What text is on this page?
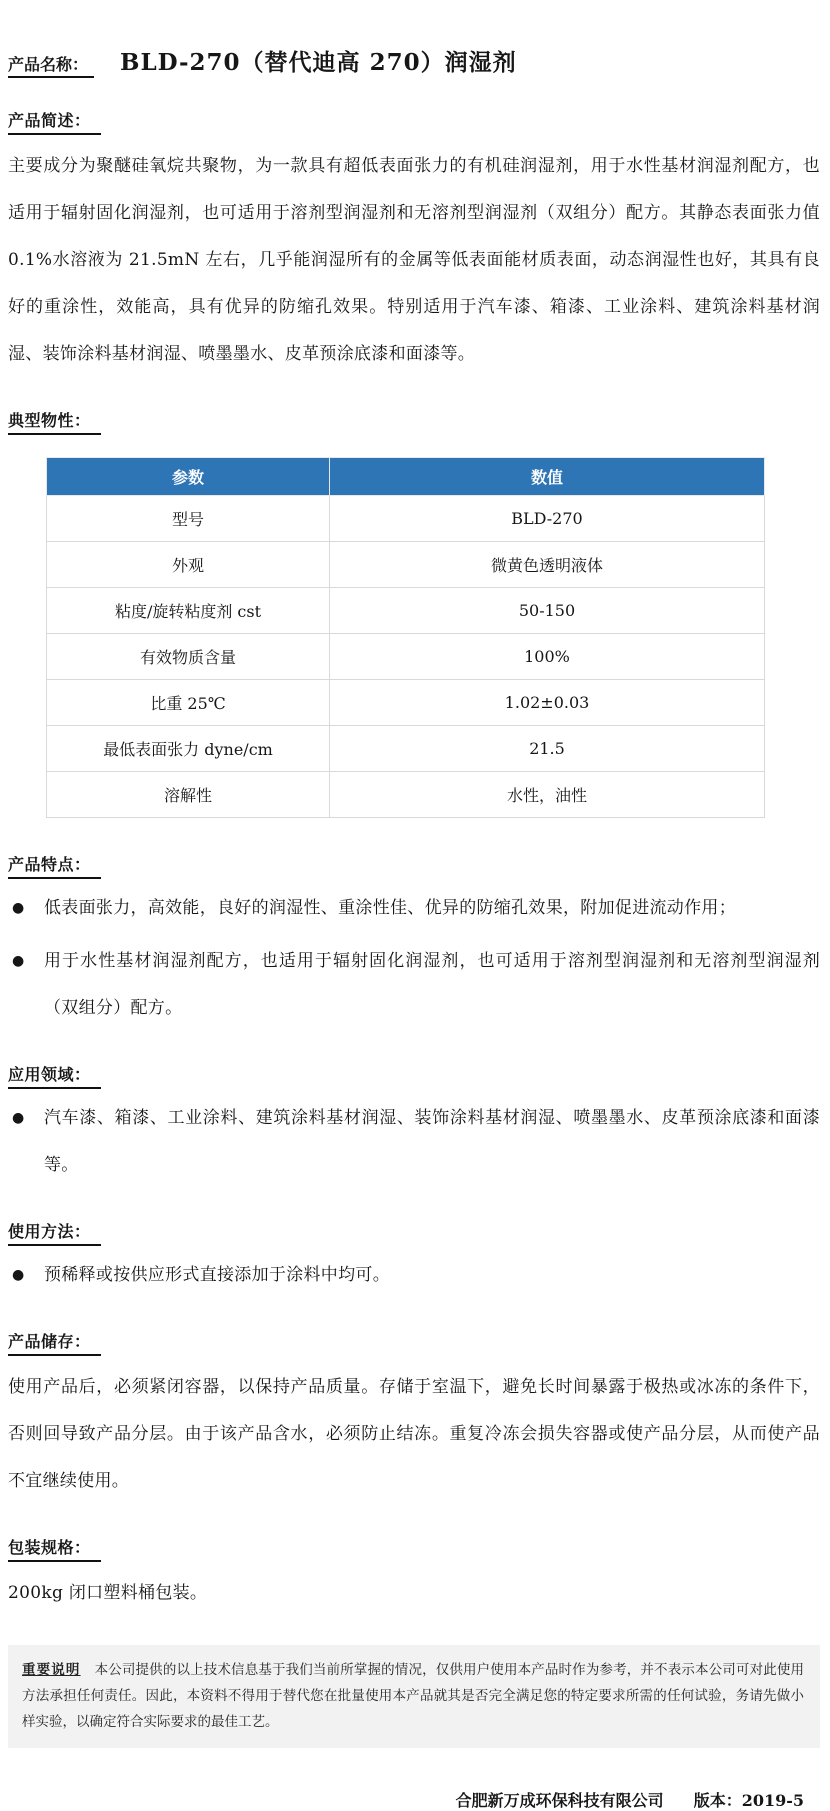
产品名称： BLD-270（替代迪高 270）润湿剂
产品简述：

主要成分为聚醚硅氧烷共聚物，为一款具有超低表面张力的有机硅润湿剂，用于水性基材润湿剂配方，也适用于辐射固化润湿剂，也可适用于溶剂型润湿剂和无溶剂型润湿剂（双组分）配方。其静态表面张力值 0.1%水溶液为 21.5mN 左右，几乎能润湿所有的金属等低表面能材质表面，动态润湿性也好，其具有良好的重涂性，效能高，具有优异的防缩孔效果。特别适用于汽车漆、箱漆、工业涂料、建筑涂料基材润湿、装饰涂料基材润湿、喷墨墨水、皮革预涂底漆和面漆等。

典型物性：
参数	数值
型号	BLD-270
外观	微黄色透明液体
粘度/旋转粘度剂 cst	50-150
有效物质含量	100%
比重 25℃	1.02±0.03
最低表面张力 dyne/cm	21.5
溶解性	水性，油性
产品特点：
● 低表面张力，高效能，良好的润湿性、重涂性佳、优异的防缩孔效果，附加促进流动作用；
● 用于水性基材润湿剂配方，也适用于辐射固化润湿剂，也可适用于溶剂型润湿剂和无溶剂型润湿剂（双组分）配方。
应用领域：
● 汽车漆、箱漆、工业涂料、建筑涂料基材润湿、装饰涂料基材润湿、喷墨墨水、皮革预涂底漆和面漆等。
使用方法：
● 预稀释或按供应形式直接添加于涂料中均可。
产品储存：

使用产品后，必须紧闭容器，以保持产品质量。存储于室温下，避免长时间暴露于极热或冰冻的条件下，否则回导致产品分层。由于该产品含水，必须防止结冻。重复冷冻会损失容器或使产品分层，从而使产品不宜继续使用。

包装规格：

200kg 闭口塑料桶包装。

重要说明 本公司提供的以上技术信息基于我们当前所掌握的情况，仅供用户使用本产品时作为参考，并不表示本公司可对此使用方法承担任何责任。因此，本资料不得用于替代您在批量使用本产品就其是否完全满足您的特定要求所需的任何试验，务请先做小样实验，以确定符合实际要求的最佳工艺。
合肥新万成环保科技有限公司 版本：2019-5
